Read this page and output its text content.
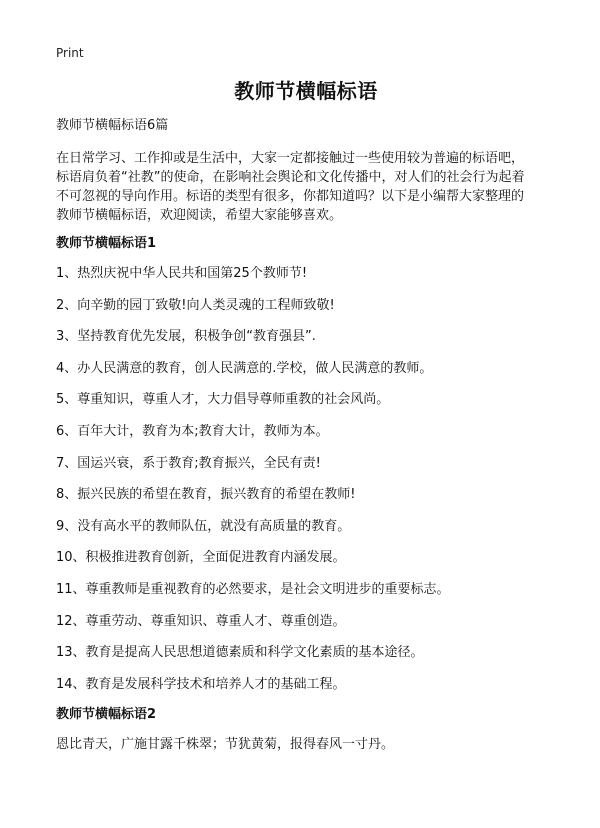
Print
教师节横幅标语
教师节横幅标语6篇
在日常学习、工作抑或是生活中，大家一定都接触过一些使用较为普遍的标语吧，
标语肩负着“社教”的使命，在影响社会舆论和文化传播中，对人们的社会行为起着
不可忽视的导向作用。标语的类型有很多，你都知道吗？以下是小编帮大家整理的
教师节横幅标语，欢迎阅读，希望大家能够喜欢。
教师节横幅标语1
1、热烈庆祝中华人民共和国第25个教师节!
2、向辛勤的园丁致敬!向人类灵魂的工程师致敬!
3、坚持教育优先发展，积极争创“教育强县”.
4、办人民满意的教育，创人民满意的.学校，做人民满意的教师。
5、尊重知识，尊重人才，大力倡导尊师重教的社会风尚。
6、百年大计，教育为本;教育大计，教师为本。
7、国运兴衰，系于教育;教育振兴，全民有责!
8、振兴民族的希望在教育，振兴教育的希望在教师!
9、没有高水平的教师队伍，就没有高质量的教育。
10、积极推进教育创新，全面促进教育内涵发展。
11、尊重教师是重视教育的必然要求，是社会文明进步的重要标志。
12、尊重劳动、尊重知识、尊重人才、尊重创造。
13、教育是提高人民思想道德素质和科学文化素质的基本途径。
14、教育是发展科学技术和培养人才的基础工程。
教师节横幅标语2
恩比青天，广施甘露千株翠；节犹黄菊，报得春风一寸丹。
